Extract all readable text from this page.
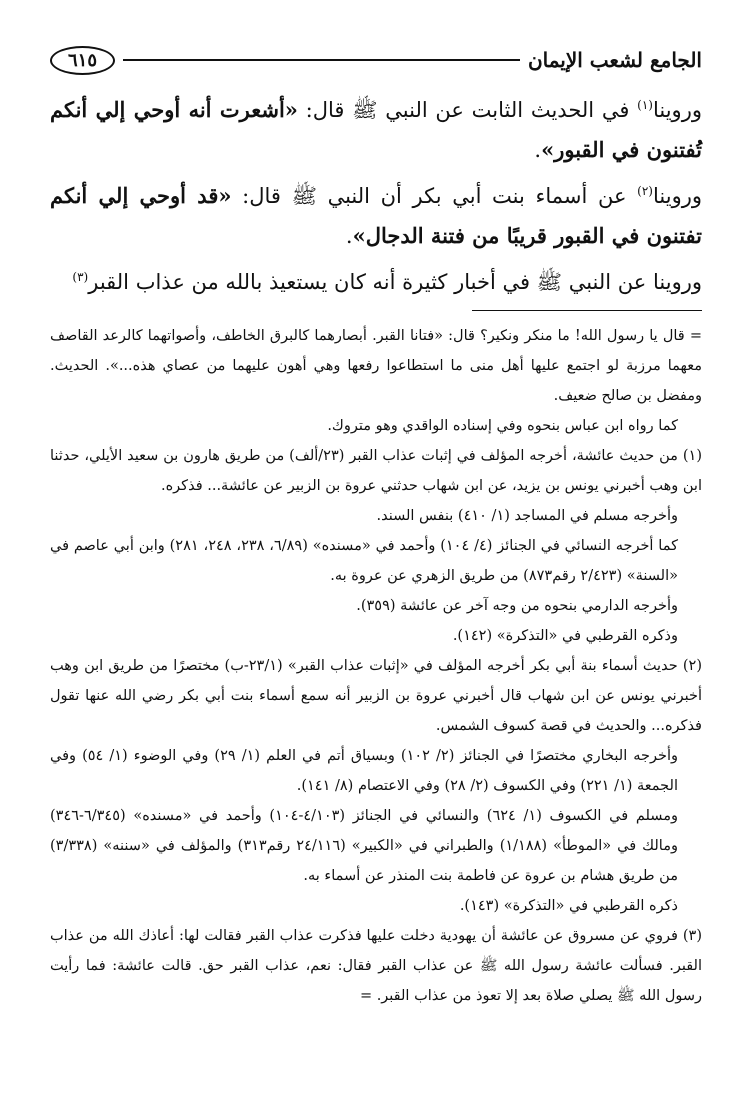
الجامع لشعب الإيمان
٦١٥

وروينا$^{(١)}$ في الحديث الثابت عن النبي ﷺ قال: «أشعرت أنه أوحي إلي أنكم تُفتنون في القبور».

وروينا$^{(٢)}$ عن أسماء بنت أبي بكر أن النبي ﷺ قال: «قد أوحي إلي أنكم تفتنون في القبور قريبًا من فتنة الدجال».

وروينا عن النبي ﷺ في أخبار كثيرة أنه كان يستعيذ بالله من عذاب القبر$^{(٣)}$

= قال يا رسول الله! ما منكر ونكير؟ قال: «فتانا القبر. أبصارهما كالبرق الخاطف، وأصواتهما كالرعد القاصف معهما مرزبة لو اجتمع عليها أهل منى ما استطاعوا رفعها وهي أهون عليهما من عصاي هذه...». الحديث. ومفضل بن صالح ضعيف.

كما رواه ابن عباس بنحوه وفي إسناده الواقدي وهو متروك.

(١) من حديث عائشة، أخرجه المؤلف في إثبات عذاب القبر (٢٣/ألف) من طريق هارون بن سعيد الأيلي، حدثنا ابن وهب أخبرني يونس بن يزيد، عن ابن شهاب حدثني عروة بن الزبير عن عائشة... فذكره.

وأخرجه مسلم في المساجد (١/ ٤١٠) بنفس السند.

كما أخرجه النسائي في الجنائز (٤/ ١٠٤) وأحمد في «مسنده» (٦/٨٩، ٢٣٨، ٢٤٨، ٢٨١) وابن أبي عاصم في «السنة» (٢/٤٢٣ رقم٨٧٣) من طريق الزهري عن عروة به.

وأخرجه الدارمي بنحوه من وجه آخر عن عائشة (٣٥٩).

وذكره القرطبي في «التذكرة» (١٤٢).

(٢) حديث أسماء بنة أبي بكر أخرجه المؤلف في «إثبات عذاب القبر» (٢٣/١-ب) مختصرًا من طريق ابن وهب أخبرني يونس عن ابن شهاب قال أخبرني عروة بن الزبير أنه سمع أسماء بنت أبي بكر رضي الله عنها تقول فذكره... والحديث في قصة كسوف الشمس.

وأخرجه البخاري مختصرًا في الجنائز (٢/ ١٠٢) وبسياق أتم في العلم (١/ ٢٩) وفي الوضوء (١/ ٥٤) وفي الجمعة (١/ ٢٢١) وفي الكسوف (٢/ ٢٨) وفي الاعتصام (٨/ ١٤١).

ومسلم في الكسوف (١/ ٦٢٤) والنسائي في الجنائز (٤/١٠٣-١٠٤) وأحمد في «مسنده» (٦/٣٤٥-٣٤٦) ومالك في «الموطأ» (١/١٨٨) والطبراني في «الكبير» (٢٤/١١٦ رقم٣١٣) والمؤلف في «سننه» (٣/٣٣٨) من طريق هشام بن عروة عن فاطمة بنت المنذر عن أسماء به.

ذكره القرطبي في «التذكرة» (١٤٣).

(٣) فروي عن مسروق عن عائشة أن يهودية دخلت عليها فذكرت عذاب القبر فقالت لها: أعاذك الله من عذاب القبر. فسألت عائشة رسول الله ﷺ عن عذاب القبر فقال: نعم، عذاب القبر حق. قالت عائشة: فما رأيت رسول الله ﷺ يصلي صلاة بعد إلا تعوذ من عذاب القبر. =
